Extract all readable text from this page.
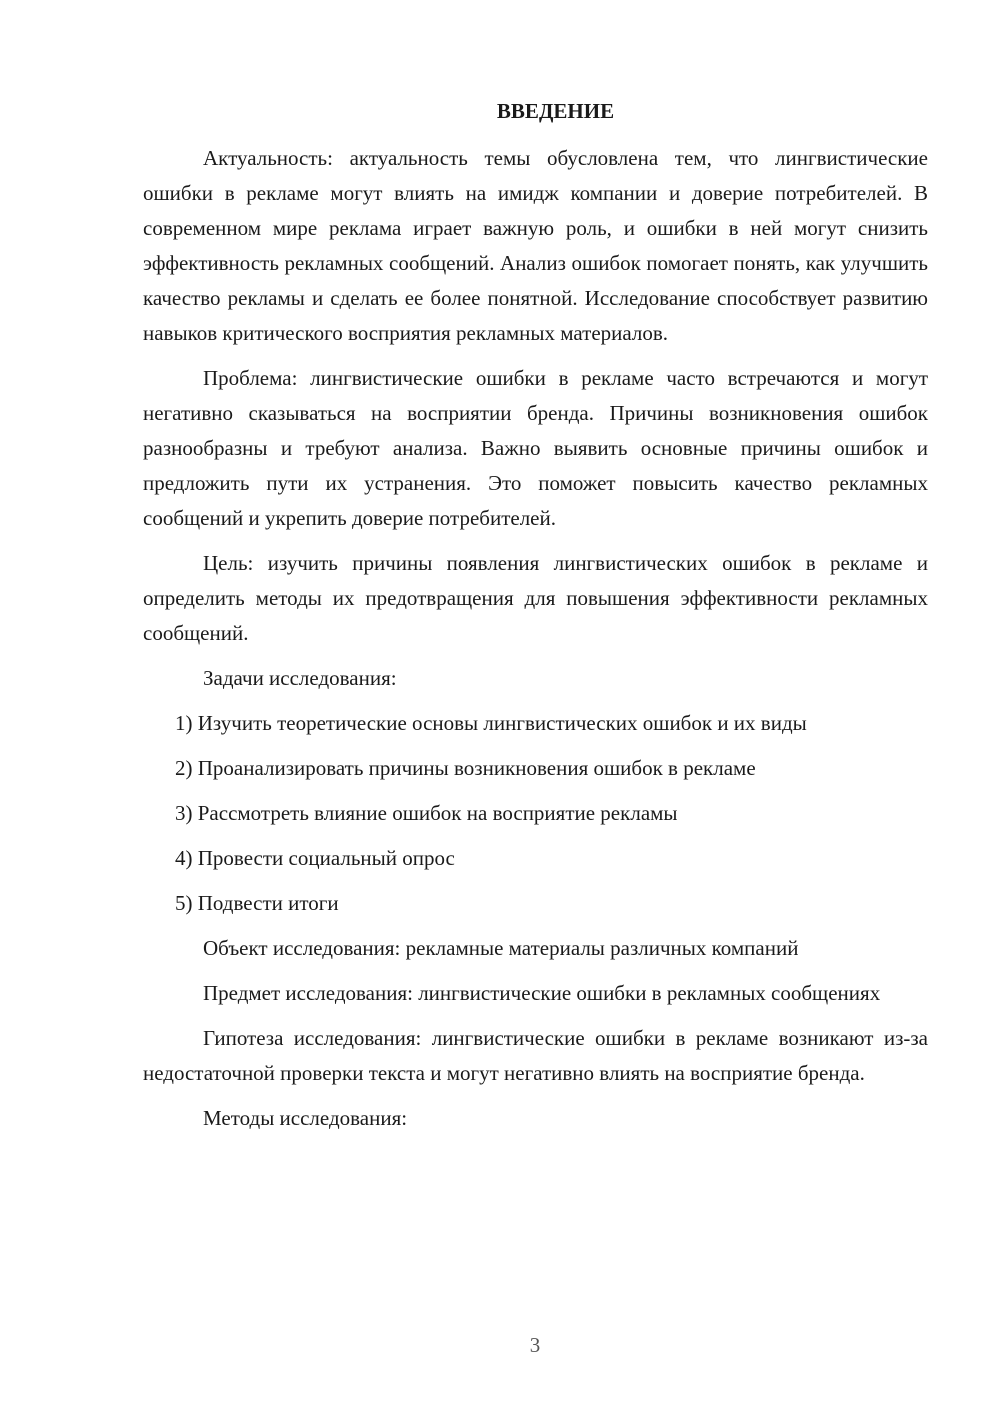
ВВЕДЕНИЕ

Актуальность: актуальность темы обусловлена тем, что лингвистические ошибки в рекламе могут влиять на имидж компании и доверие потребителей. В современном мире реклама играет важную роль, и ошибки в ней могут снизить эффективность рекламных сообщений. Анализ ошибок помогает понять, как улучшить качество рекламы и сделать ее более понятной. Исследование способствует развитию навыков критического восприятия рекламных материалов.

Проблема: лингвистические ошибки в рекламе часто встречаются и могут негативно сказываться на восприятии бренда. Причины возникновения ошибок разнообразны и требуют анализа. Важно выявить основные причины ошибок и предложить пути их устранения. Это поможет повысить качество рекламных сообщений и укрепить доверие потребителей.

Цель: изучить причины появления лингвистических ошибок в рекламе и определить методы их предотвращения для повышения эффективности рекламных сообщений.

Задачи исследования:

1) Изучить теоретические основы лингвистических ошибок и их виды
2) Проанализировать причины возникновения ошибок в рекламе
3) Рассмотреть влияние ошибок на восприятие рекламы
4) Провести социальный опрос
5) Подвести итоги

Объект исследования: рекламные материалы различных компаний

Предмет исследования: лингвистические ошибки в рекламных сообщениях

Гипотеза исследования: лингвистические ошибки в рекламе возникают из-за недостаточной проверки текста и могут негативно влиять на восприятие бренда.

Методы исследования:

3
